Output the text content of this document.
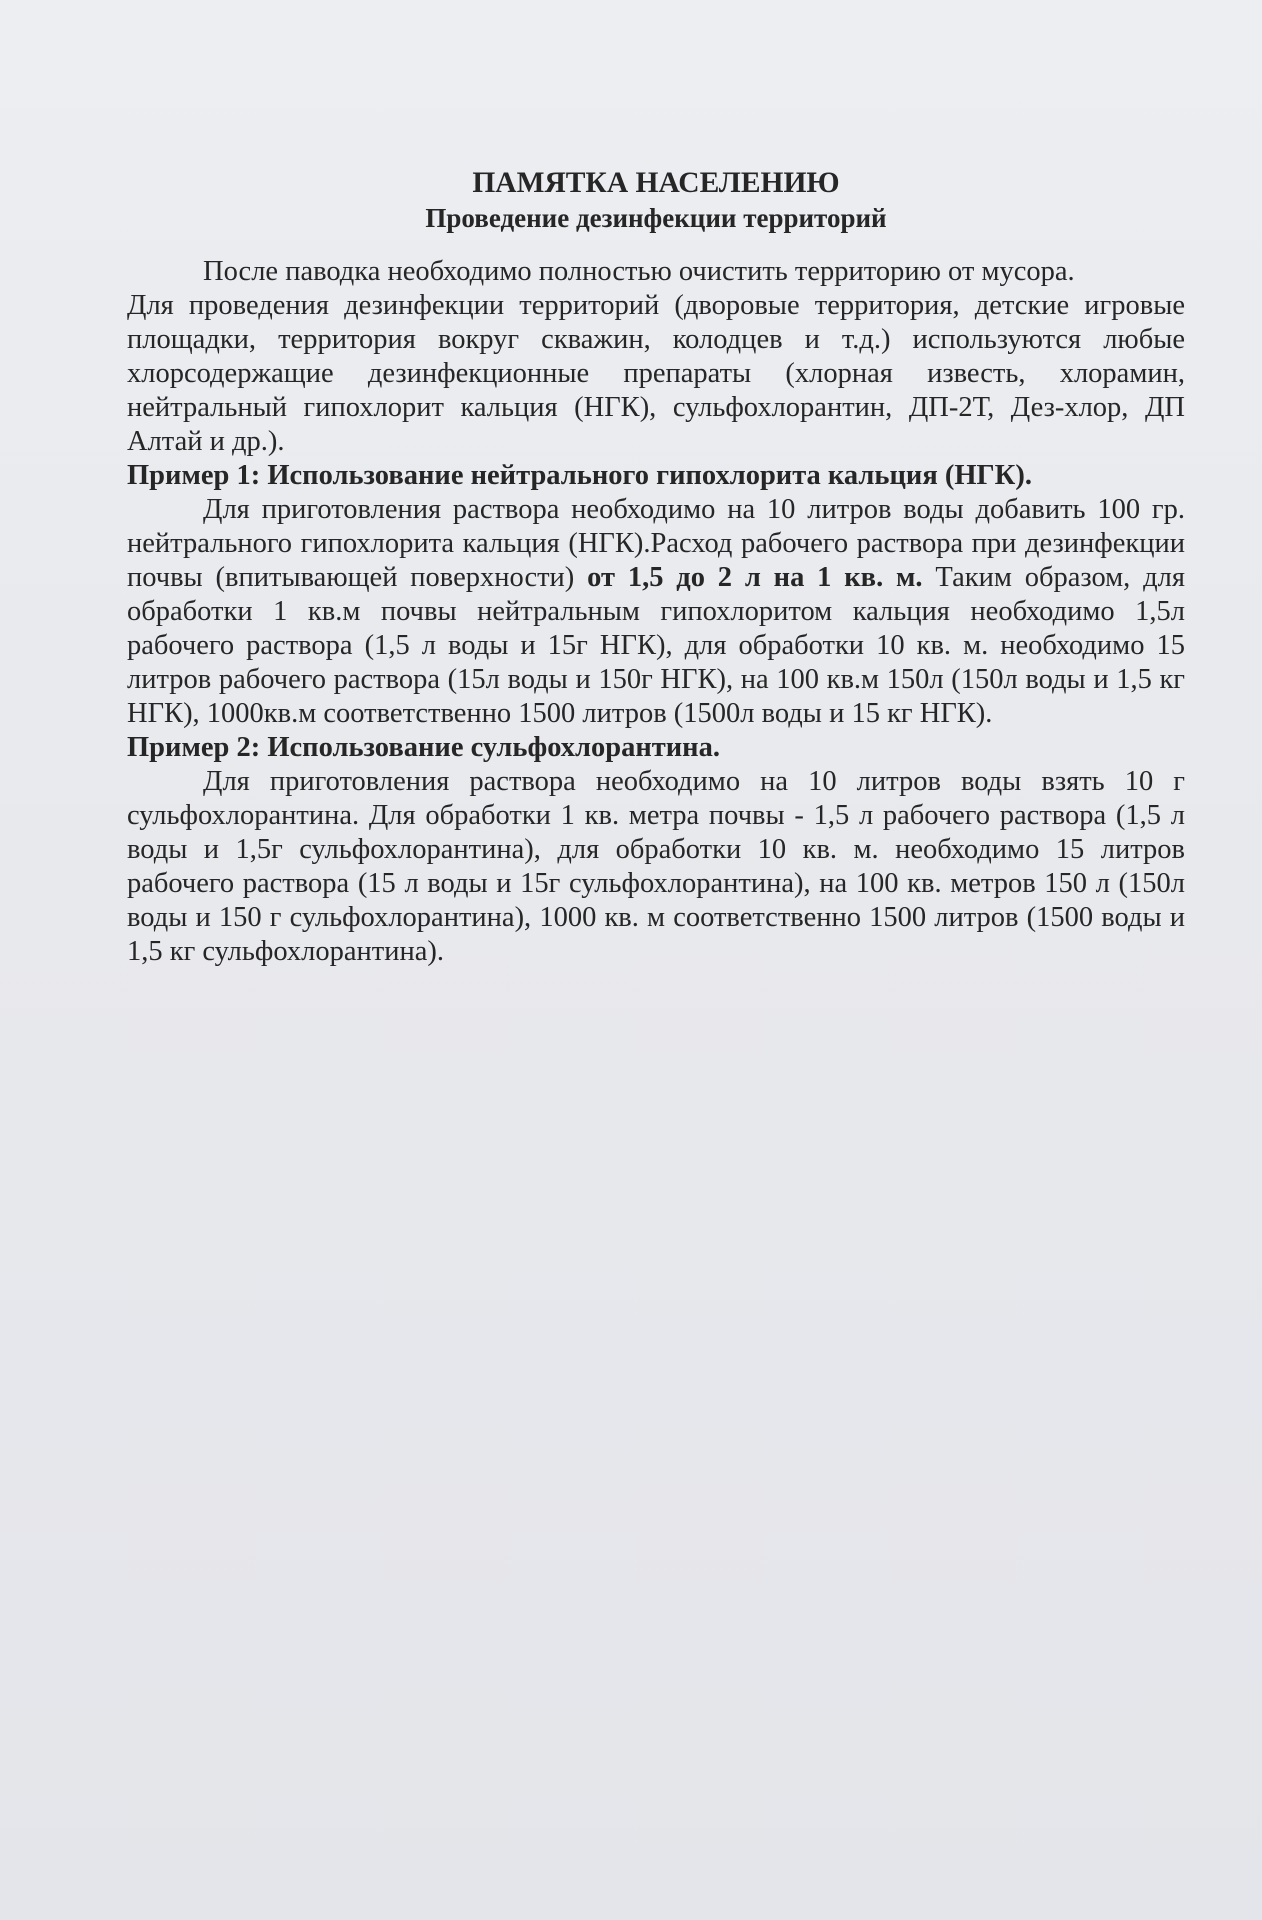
ПАМЯТКА НАСЕЛЕНИЮ
Проведение дезинфекции территорий

После паводка необходимо полностью очистить территорию от мусора.

Для проведения дезинфекции территорий (дворовые территория, детские игровые площадки, территория вокруг скважин, колодцев и т.д.) используются любые хлорсодержащие дезинфекционные препараты (хлорная известь, хлорамин, нейтральный гипохлорит кальция (НГК), сульфохлорантин, ДП-2Т, Дез-хлор, ДП Алтай и др.).

Пример 1: Использование нейтрального гипохлорита кальция (НГК).

Для приготовления раствора необходимо на 10 литров воды добавить 100 гр. нейтрального гипохлорита кальция (НГК).Расход рабочего раствора при дезинфекции почвы (впитывающей поверхности) от 1,5 до 2 л на 1 кв. м. Таким образом, для обработки 1 кв.м почвы нейтральным гипохлоритом кальция необходимо 1,5л рабочего раствора (1,5 л воды и 15г НГК), для обработки 10 кв. м. необходимо 15 литров рабочего раствора (15л воды и 150г НГК), на 100 кв.м 150л (150л воды и 1,5 кг НГК), 1000кв.м соответственно 1500 литров (1500л воды и 15 кг НГК).

Пример 2: Использование сульфохлорантина.

Для приготовления раствора необходимо на 10 литров воды взять 10 г сульфохлорантина. Для обработки 1 кв. метра почвы - 1,5 л рабочего раствора (1,5 л воды и 1,5г сульфохлорантина), для обработки 10 кв. м. необходимо 15 литров рабочего раствора (15 л воды и 15г сульфохлорантина), на 100 кв. метров 150 л (150л воды и 150 г сульфохлорантина), 1000 кв. м соответственно 1500 литров (1500 воды и 1,5 кг сульфохлорантина).
